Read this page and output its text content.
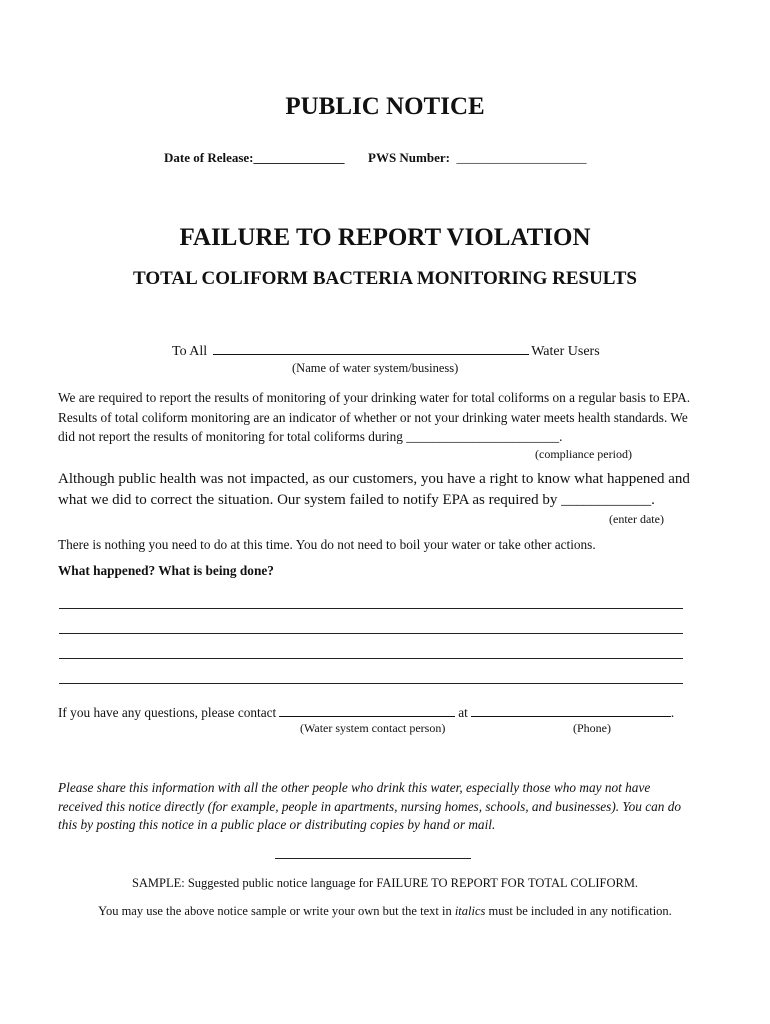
PUBLIC NOTICE
Date of Release:______________ PWS Number: ____________________
FAILURE TO REPORT VIOLATION
TOTAL COLIFORM BACTERIA MONITORING RESULTS
To All	Water Users
(Name of water system/business)
We are required to report the results of monitoring of your drinking water for total coliforms on a regular basis to EPA. Results of total coliform monitoring are an indicator of whether or not your drinking water meets health standards. We did not report the results of monitoring for total coliforms during _______________________.
(compliance period)
Although public health was not impacted, as our customers, you have a right to know what happened and what we did to correct the situation. Our system failed to notify EPA as required by ____________.
(enter date)
There is nothing you need to do at this time. You do not need to boil your water or take other actions.
What happened? What is being done?
If you have any questions, please contact	at	.
(Water system contact person)	(Phone)
Please share this information with all the other people who drink this water, especially those who may not have received this notice directly (for example, people in apartments, nursing homes, schools, and businesses). You can do this by posting this notice in a public place or distributing copies by hand or mail.
SAMPLE: Suggested public notice language for FAILURE TO REPORT FOR TOTAL COLIFORM.
You may use the above notice sample or write your own but the text in italics must be included in any notification.
